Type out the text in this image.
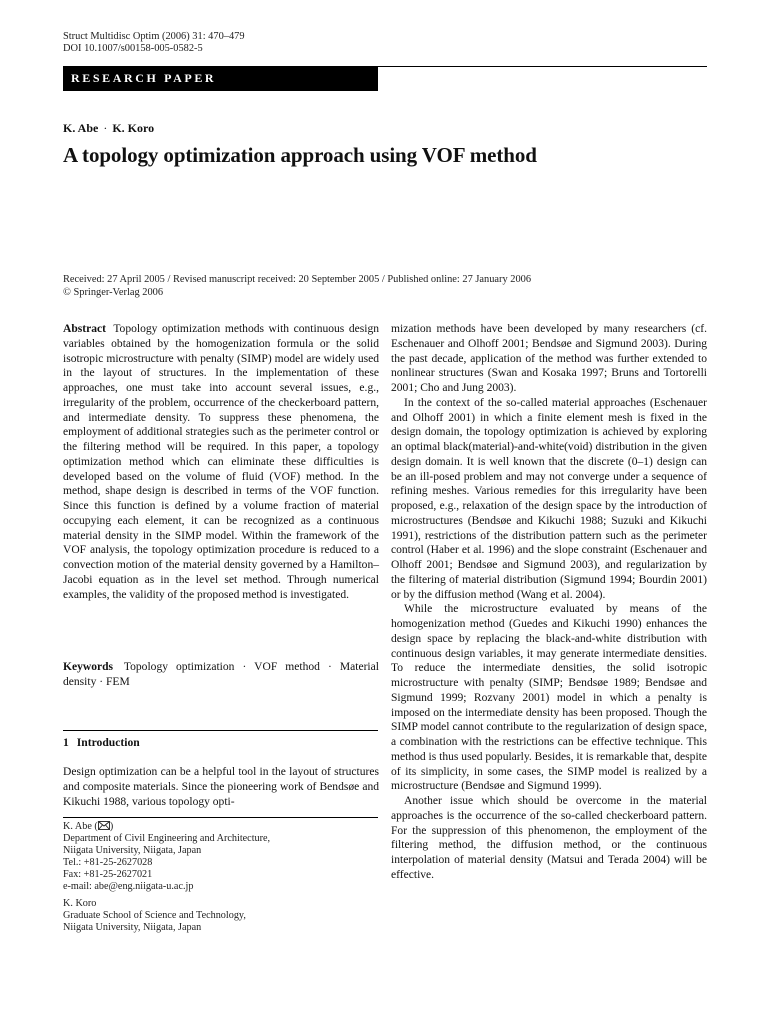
Struct Multidisc Optim (2006) 31: 470–479
DOI 10.1007/s00158-005-0582-5
RESEARCH PAPER
K. Abe · K. Koro
A topology optimization approach using VOF method
Received: 27 April 2005 / Revised manuscript received: 20 September 2005 / Published online: 27 January 2006
© Springer-Verlag 2006

Abstract Topology optimization methods with continuous design variables obtained by the homogenization formula or the solid isotropic microstructure with penalty (SIMP) model are widely used in the layout of structures. In the implementation of these approaches, one must take into account several issues, e.g., irregularity of the problem, occurrence of the checkerboard pattern, and intermediate density. To suppress these phenomena, the employment of additional strategies such as the perimeter control or the filtering method will be required. In this paper, a topology optimization method which can eliminate these difficulties is developed based on the volume of fluid (VOF) method. In the method, shape design is described in terms of the VOF function. Since this function is defined by a volume fraction of material occupying each element, it can be recognized as a continuous material density in the SIMP model. Within the framework of the VOF analysis, the topology optimization procedure is reduced to a convection motion of the material density governed by a Hamilton–Jacobi equation as in the level set method. Through numerical examples, the validity of the proposed method is investigated.

Keywords Topology optimization · VOF method · Material density · FEM
1 Introduction
Design optimization can be a helpful tool in the layout of structures and composite materials. Since the pioneering work of Bendsøe and Kikuchi 1988, various topology opti-
K. Abe ( )
Department of Civil Engineering and Architecture,
Niigata University, Niigata, Japan
Tel.: +81-25-2627028
Fax: +81-25-2627021
e-mail: abe@eng.niigata-u.ac.jp
K. Koro
Graduate School of Science and Technology,
Niigata University, Niigata, Japan

mization methods have been developed by many researchers (cf. Eschenauer and Olhoff 2001; Bendsøe and Sigmund 2003). During the past decade, application of the method was further extended to nonlinear structures (Swan and Kosaka 1997; Bruns and Tortorelli 2001; Cho and Jung 2003).

In the context of the so-called material approaches (Eschenauer and Olhoff 2001) in which a finite element mesh is fixed in the design domain, the topology optimization is achieved by exploring an optimal black(material)-and-white(void) distribution in the given design domain. It is well known that the discrete (0–1) design can be an ill-posed problem and may not converge under a sequence of refining meshes. Various remedies for this irregularity have been proposed, e.g., relaxation of the design space by the introduction of microstructures (Bendsøe and Kikuchi 1988; Suzuki and Kikuchi 1991), restrictions of the distribution pattern such as the perimeter control (Haber et al. 1996) and the slope constraint (Eschenauer and Olhoff 2001; Bendsøe and Sigmund 2003), and regularization by the filtering of material distribution (Sigmund 1994; Bourdin 2001) or by the diffusion method (Wang et al. 2004).

While the microstructure evaluated by means of the homogenization method (Guedes and Kikuchi 1990) enhances the design space by replacing the black-and-white distribution with continuous design variables, it may generate intermediate densities. To reduce the intermediate densities, the solid isotropic microstructure with penalty (SIMP; Bendsøe 1989; Bendsøe and Sigmund 1999; Rozvany 2001) model in which a penalty is imposed on the intermediate density has been proposed. Though the SIMP model cannot contribute to the regularization of design space, a combination with the restrictions can be effective technique. This method is thus used popularly. Besides, it is remarkable that, despite of its simplicity, in some cases, the SIMP model is realized by a microstructure (Bendsøe and Sigmund 1999).

Another issue which should be overcome in the material approaches is the occurrence of the so-called checkerboard pattern. For the suppression of this phenomenon, the employment of the filtering method, the diffusion method, or the continuous interpolation of material density (Matsui and Terada 2004) will be effective.
